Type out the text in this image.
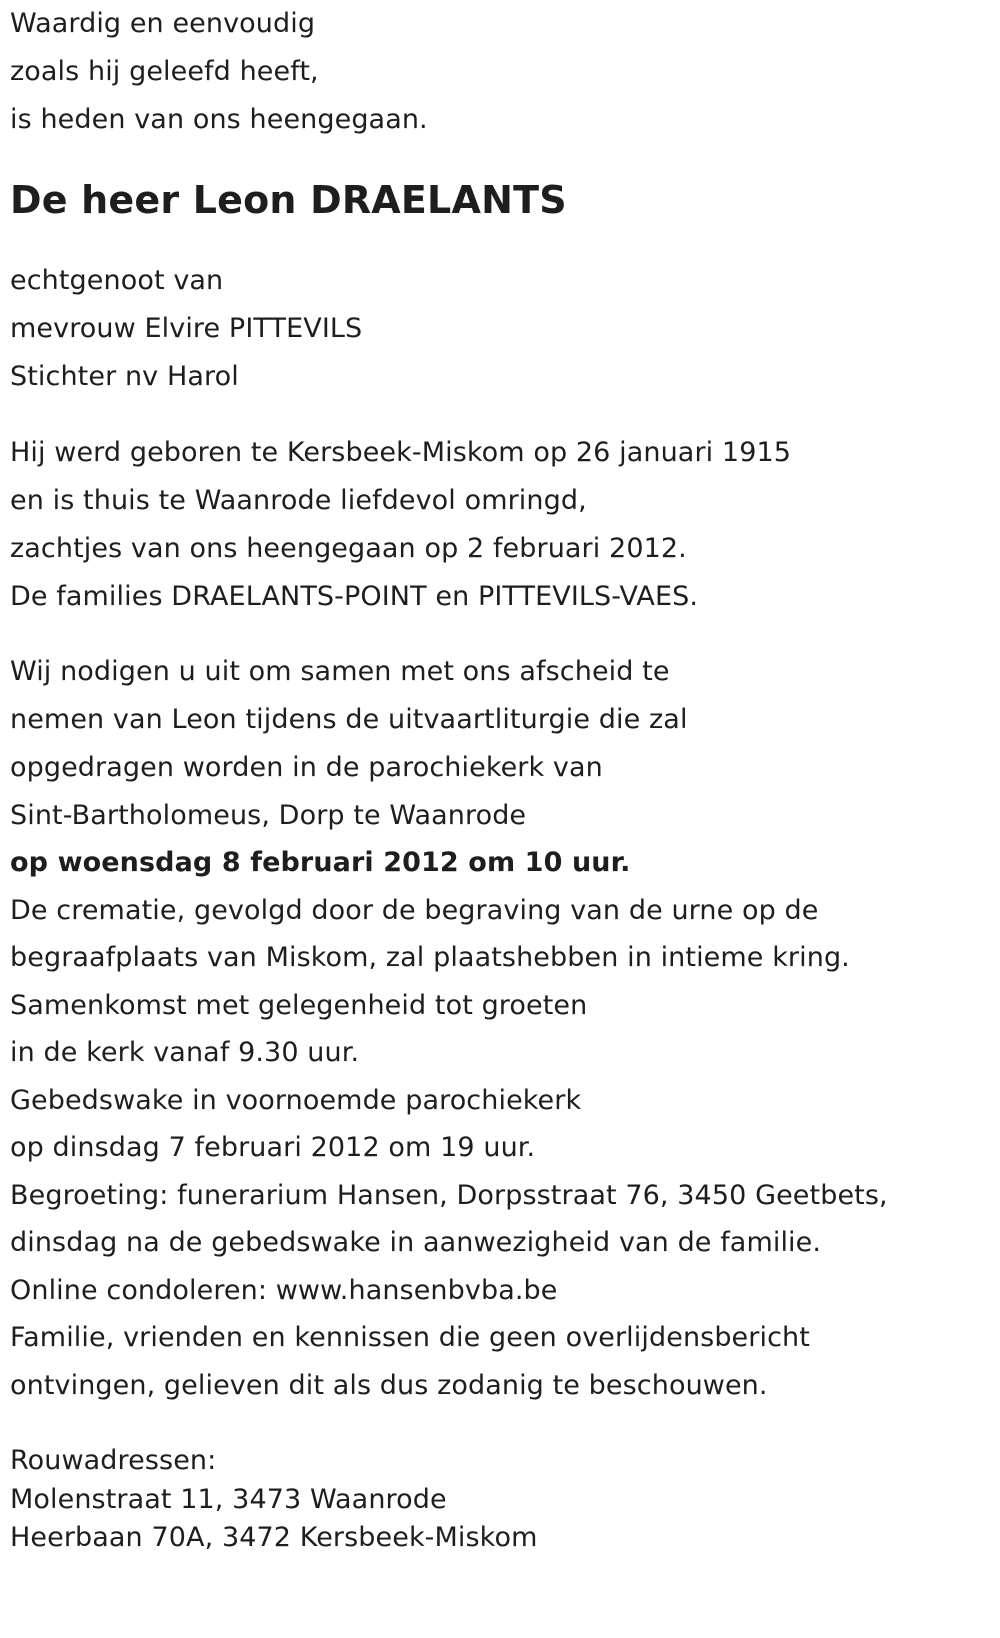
Waardig en eenvoudig
zoals hij geleefd heeft,
is heden van ons heengegaan.
De heer Leon DRAELANTS
echtgenoot van
mevrouw Elvire PITTEVILS
Stichter nv Harol
Hij werd geboren te Kersbeek-Miskom op 26 januari 1915
en is thuis te Waanrode liefdevol omringd,
zachtjes van ons heengegaan op 2 februari 2012.
De families DRAELANTS-POINT en PITTEVILS-VAES.
Wij nodigen u uit om samen met ons afscheid te
nemen van Leon tijdens de uitvaartliturgie die zal
opgedragen worden in de parochiekerk van
Sint-Bartholomeus, Dorp te Waanrode
op woensdag 8 februari 2012 om 10 uur.
De crematie, gevolgd door de begraving van de urne op de
begraafplaats van Miskom, zal plaatshebben in intieme kring.
Samenkomst met gelegenheid tot groeten
in de kerk vanaf 9.30 uur.
Gebedswake in voornoemde parochiekerk
op dinsdag 7 februari 2012 om 19 uur.
Begroeting: funerarium Hansen, Dorpsstraat 76, 3450 Geetbets,
dinsdag na de gebedswake in aanwezigheid van de familie.
Online condoleren: www.hansenbvba.be
Familie, vrienden en kennissen die geen overlijdensbericht
ontvingen, gelieven dit als dus zodanig te beschouwen.
Rouwadressen:
Molenstraat 11, 3473 Waanrode
Heerbaan 70A, 3472 Kersbeek-Miskom
